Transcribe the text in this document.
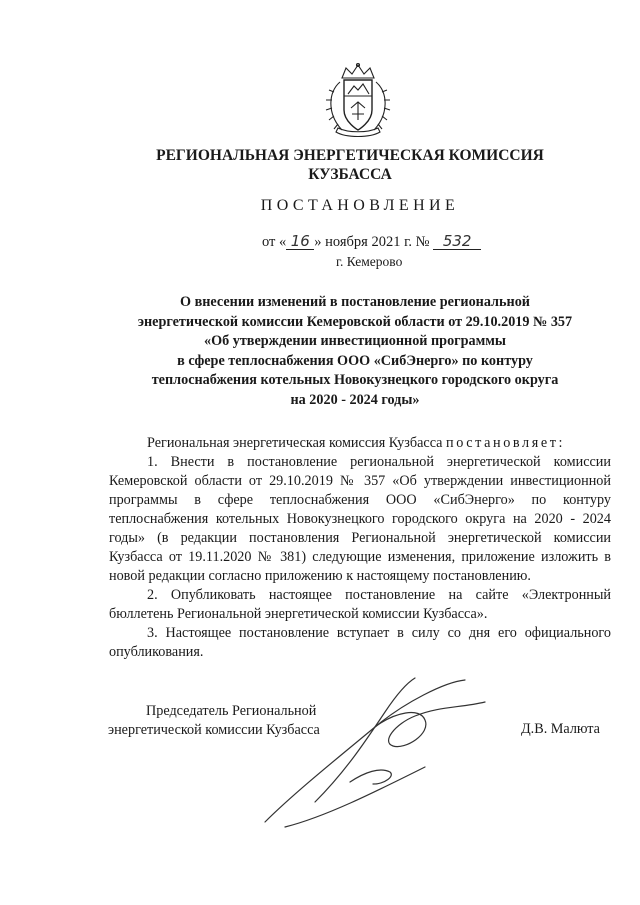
РЕГИОНАЛЬНАЯ ЭНЕРГЕТИЧЕСКАЯ КОМИССИЯ
КУЗБАССА
ПОСТАНОВЛЕНИЕ
от « 16 » ноября 2021 г. № 532
г. Кемерово
О внесении изменений в постановление региональной
энергетической комиссии Кемеровской области от 29.10.2019 № 357
«Об утверждении инвестиционной программы
в сфере теплоснабжения ООО «СибЭнерго» по контуру
теплоснабжения котельных Новокузнецкого городского округа
на 2020 - 2024 годы»

Региональная энергетическая комиссия Кузбасса постановляет:

1. Внести в постановление региональной энергетической комиссии Кемеровской области от 29.10.2019 № 357 «Об утверждении инвестиционной программы в сфере теплоснабжения ООО «СибЭнерго» по контуру теплоснабжения котельных Новокузнецкого городского округа на 2020 - 2024 годы» (в редакции постановления Региональной энергетической комиссии Кузбасса от 19.11.2020 № 381) следующие изменения, приложение изложить в новой редакции согласно приложению к настоящему постановлению.

2. Опубликовать настоящее постановление на сайте «Электронный бюллетень Региональной энергетической комиссии Кузбасса».

3. Настоящее постановление вступает в силу со дня его официального опубликования.

Председатель Региональной
энергетической комиссии Кузбасса	Д.В. Малюта
